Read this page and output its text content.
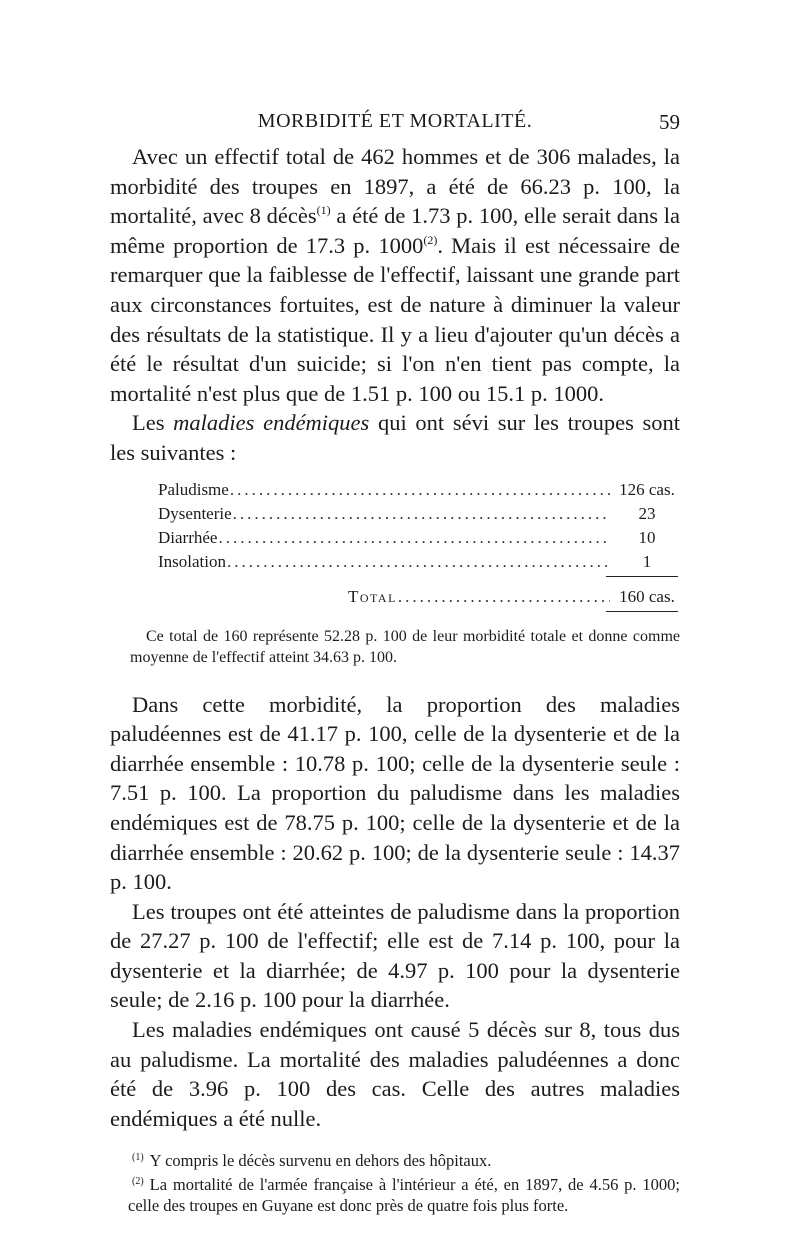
MORBIDITÉ ET MORTALITÉ.	59

Avec un effectif total de 462 hommes et de 306 malades, la morbidité des troupes en 1897, a été de 66.23 p. 100, la mortalité, avec 8 décès$^{(1)}$ a été de 1.73 p. 100, elle serait dans la même proportion de 17.3 p. 1000$^{(2)}$. Mais il est nécessaire de remarquer que la faiblesse de l'effectif, laissant une grande part aux circonstances fortuites, est de nature à diminuer la valeur des résultats de la statistique. Il y a lieu d'ajouter qu'un décès a été le résultat d'un suicide; si l'on n'en tient pas compte, la mortalité n'est plus que de 1.51 p. 100 ou 15.1 p. 1000.

Les maladies endémiques qui ont sévi sur les troupes sont les suivantes :

Paludisme .....	126 cas.
Dysenterie .....	23
Diarrhée .....	10
Insolation .....	1
Total .....	160 cas.

Ce total de 160 représente 52.28 p. 100 de leur morbidité totale et donne comme moyenne de l'effectif atteint 34.63 p. 100.

Dans cette morbidité, la proportion des maladies paludéennes est de 41.17 p. 100, celle de la dysenterie et de la diarrhée ensemble : 10.78 p. 100; celle de la dysenterie seule : 7.51 p. 100. La proportion du paludisme dans les maladies endémiques est de 78.75 p. 100; celle de la dysenterie et de la diarrhée ensemble : 20.62 p. 100; de la dysenterie seule : 14.37 p. 100.

Les troupes ont été atteintes de paludisme dans la proportion de 27.27 p. 100 de l'effectif; elle est de 7.14 p. 100, pour la dysenterie et la diarrhée; de 4.97 p. 100 pour la dysenterie seule; de 2.16 p. 100 pour la diarrhée.

Les maladies endémiques ont causé 5 décès sur 8, tous dus au paludisme. La mortalité des maladies paludéennes a donc été de 3.96 p. 100 des cas. Celle des autres maladies endémiques a été nulle.

$^{(1)}$ Y compris le décès survenu en dehors des hôpitaux.

$^{(2)}$ La mortalité de l'armée française à l'intérieur a été, en 1897, de 4.56 p. 1000; celle des troupes en Guyane est donc près de quatre fois plus forte.
